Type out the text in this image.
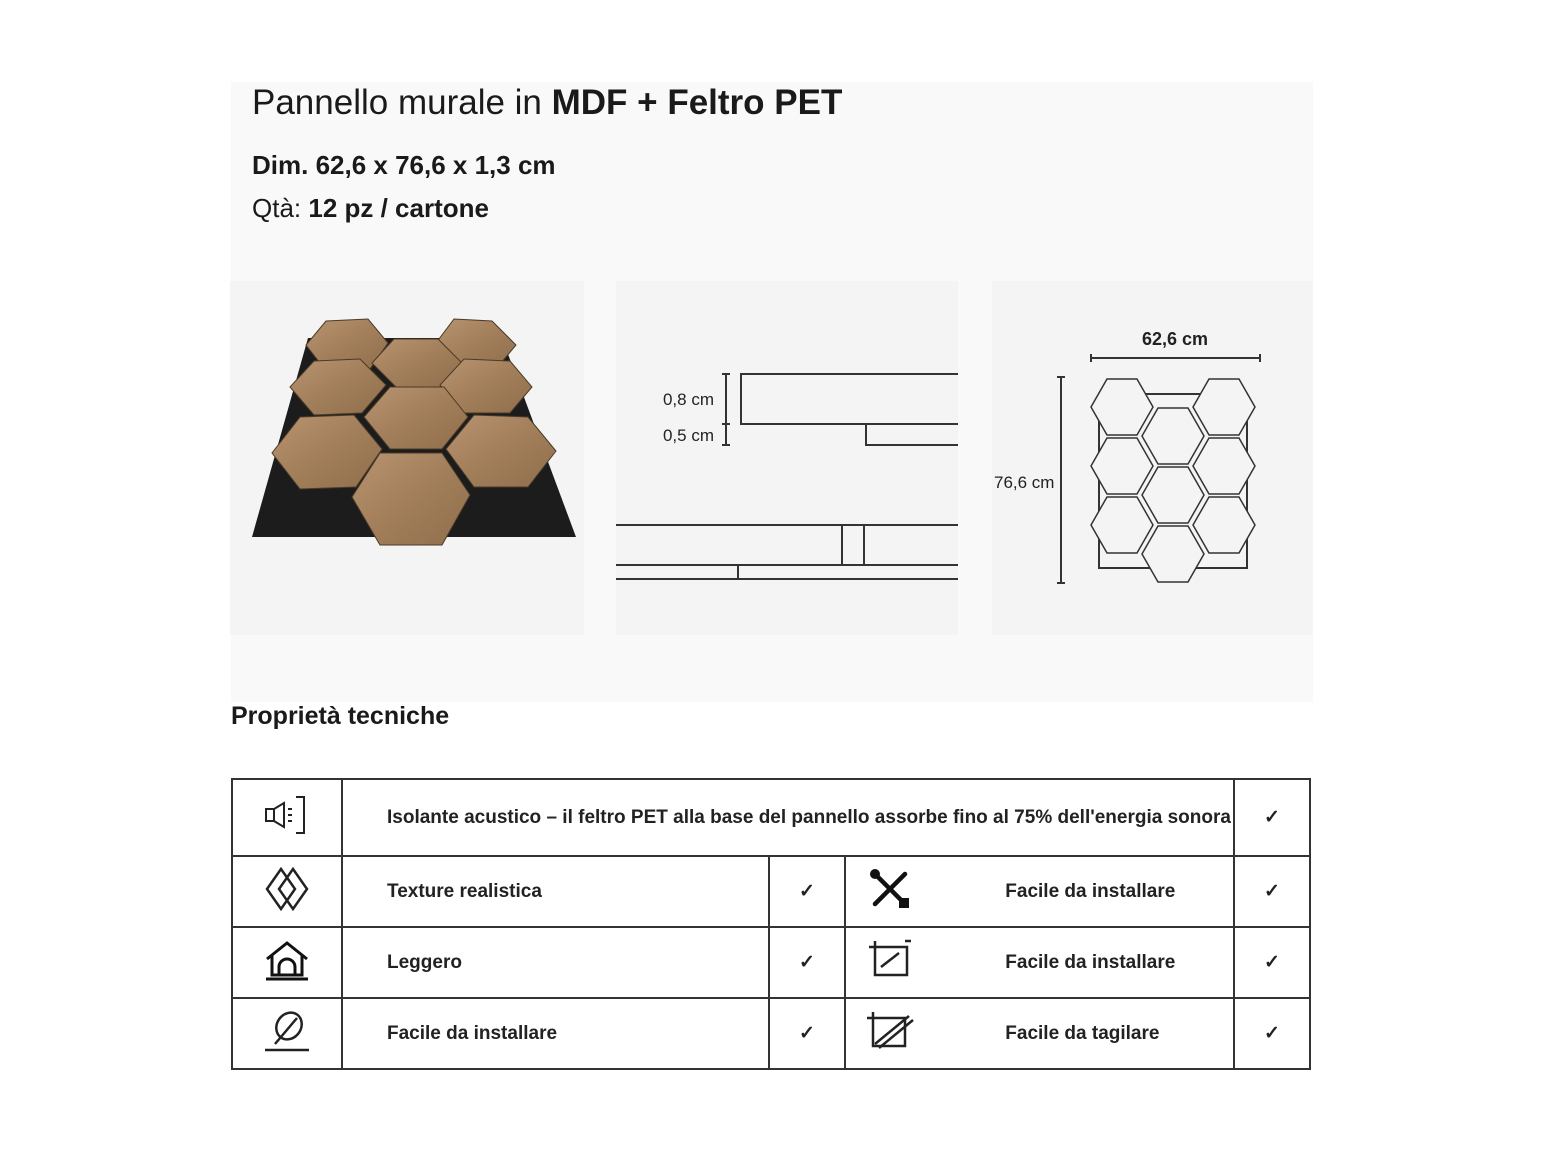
Pannello murale in MDF + Feltro PET
Dim. 62,6 x 76,6 x 1,3 cm
Qtà: 12 pz / cartone
0,8 cm
0,5 cm
62,6 cm
76,6 cm
Proprietà tecniche
	Isolante acustico – il feltro PET alla base del pannello assorbe fino al 75% dell'energia sonora			✓
	Texture realistica	✓	Facile da installare	✓
	Leggero	✓	Facile da installare	✓
	Facile da installare	✓	Facile da tagilare	✓
